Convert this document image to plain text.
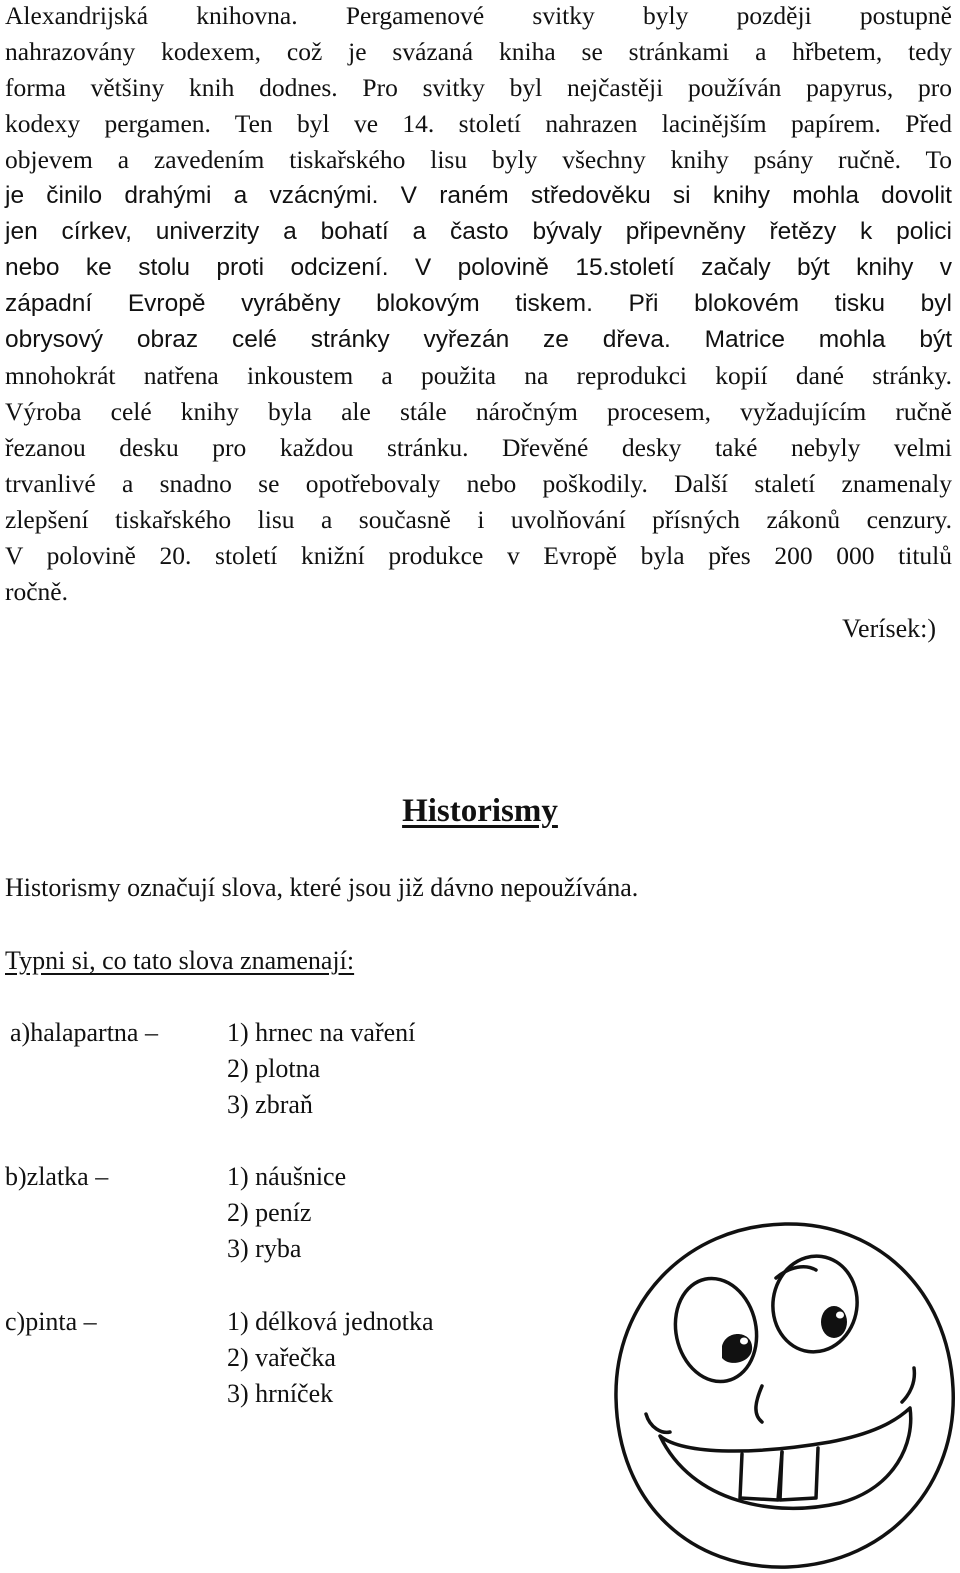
Alexandrijská knihovna. Pergamenové svitky byly později postupně
nahrazovány kodexem, což je svázaná kniha se stránkami a hřbetem, tedy
forma většiny knih dodnes. Pro svitky byl nejčastěji používán papyrus, pro
kodexy pergamen. Ten byl ve 14. století nahrazen lacinějším papírem. Před
objevem a zavedením tiskařského lisu byly všechny knihy psány ručně. To
je činilo drahými a vzácnými. V raném středověku si knihy mohla dovolit
jen církev, univerzity a bohatí a často bývaly připevněny řetězy k polici
nebo ke stolu proti odcizení. V polovině 15.století začaly být knihy v
západní Evropě vyráběny blokovým tiskem. Při blokovém tisku byl
obrysový obraz celé stránky vyřezán ze dřeva. Matrice mohla být
mnohokrát natřena inkoustem a použita na reprodukci kopií dané stránky.
Výroba celé knihy byla ale stále náročným procesem, vyžadujícím ručně
řezanou desku pro každou stránku. Dřevěné desky také nebyly velmi
trvanlivé a snadno se opotřebovaly nebo poškodily. Další staletí znamenaly
zlepšení tiskařského lisu a současně i uvolňování přísných zákonů cenzury.
V polovině 20. století knižní produkce v Evropě byla přes 200 000 titulů
ročně.
Verísek:)
Historismy
Historismy označují slova, které jsou již dávno nepoužívána.
Typni si, co tato slova znamenají:
a)halapartna –	1) hrnec na vaření
2) plotna
3) zbraň
b)zlatka –	1) náušnice
2) peníz
3) ryba
c)pinta –	1) délková jednotka
2) vařečka
3) hrníček
